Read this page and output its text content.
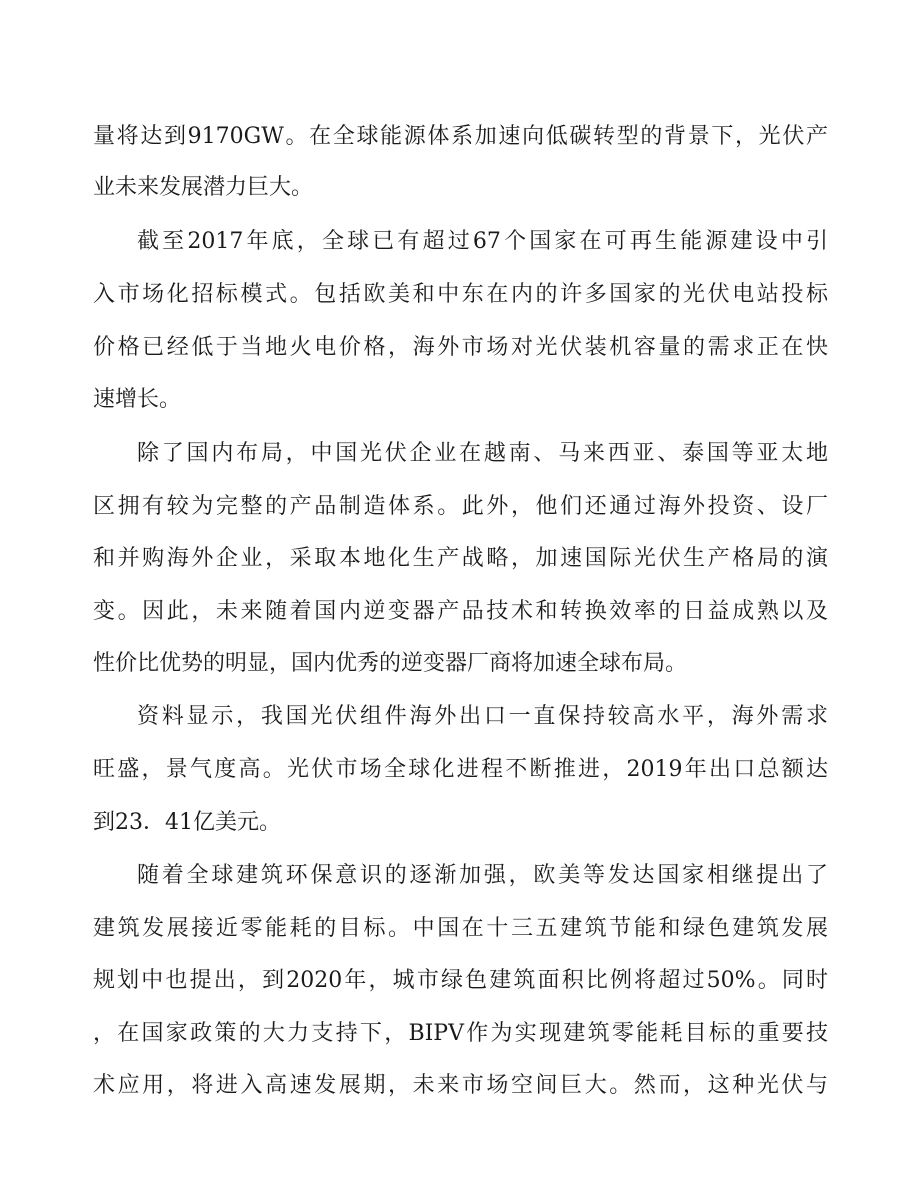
量将达到9170GW。在全球能源体系加速向低碳转型的背景下，光伏产
业未来发展潜力巨大。
截至2017年底，全球已有超过67个国家在可再生能源建设中引
入市场化招标模式。包括欧美和中东在内的许多国家的光伏电站投标
价格已经低于当地火电价格，海外市场对光伏装机容量的需求正在快
速增长。
除了国内布局，中国光伏企业在越南、马来西亚、泰国等亚太地
区拥有较为完整的产品制造体系。此外，他们还通过海外投资、设厂
和并购海外企业，采取本地化生产战略，加速国际光伏生产格局的演
变。因此，未来随着国内逆变器产品技术和转换效率的日益成熟以及
性价比优势的明显，国内优秀的逆变器厂商将加速全球布局。
资料显示，我国光伏组件海外出口一直保持较高水平，海外需求
旺盛，景气度高。光伏市场全球化进程不断推进，2019年出口总额达
到23．41亿美元。
随着全球建筑环保意识的逐渐加强，欧美等发达国家相继提出了
建筑发展接近零能耗的目标。中国在十三五建筑节能和绿色建筑发展
规划中也提出，到2020年，城市绿色建筑面积比例将超过50%。同时
，在国家政策的大力支持下，BIPV作为实现建筑零能耗目标的重要技
术应用，将进入高速发展期，未来市场空间巨大。然而，这种光伏与
